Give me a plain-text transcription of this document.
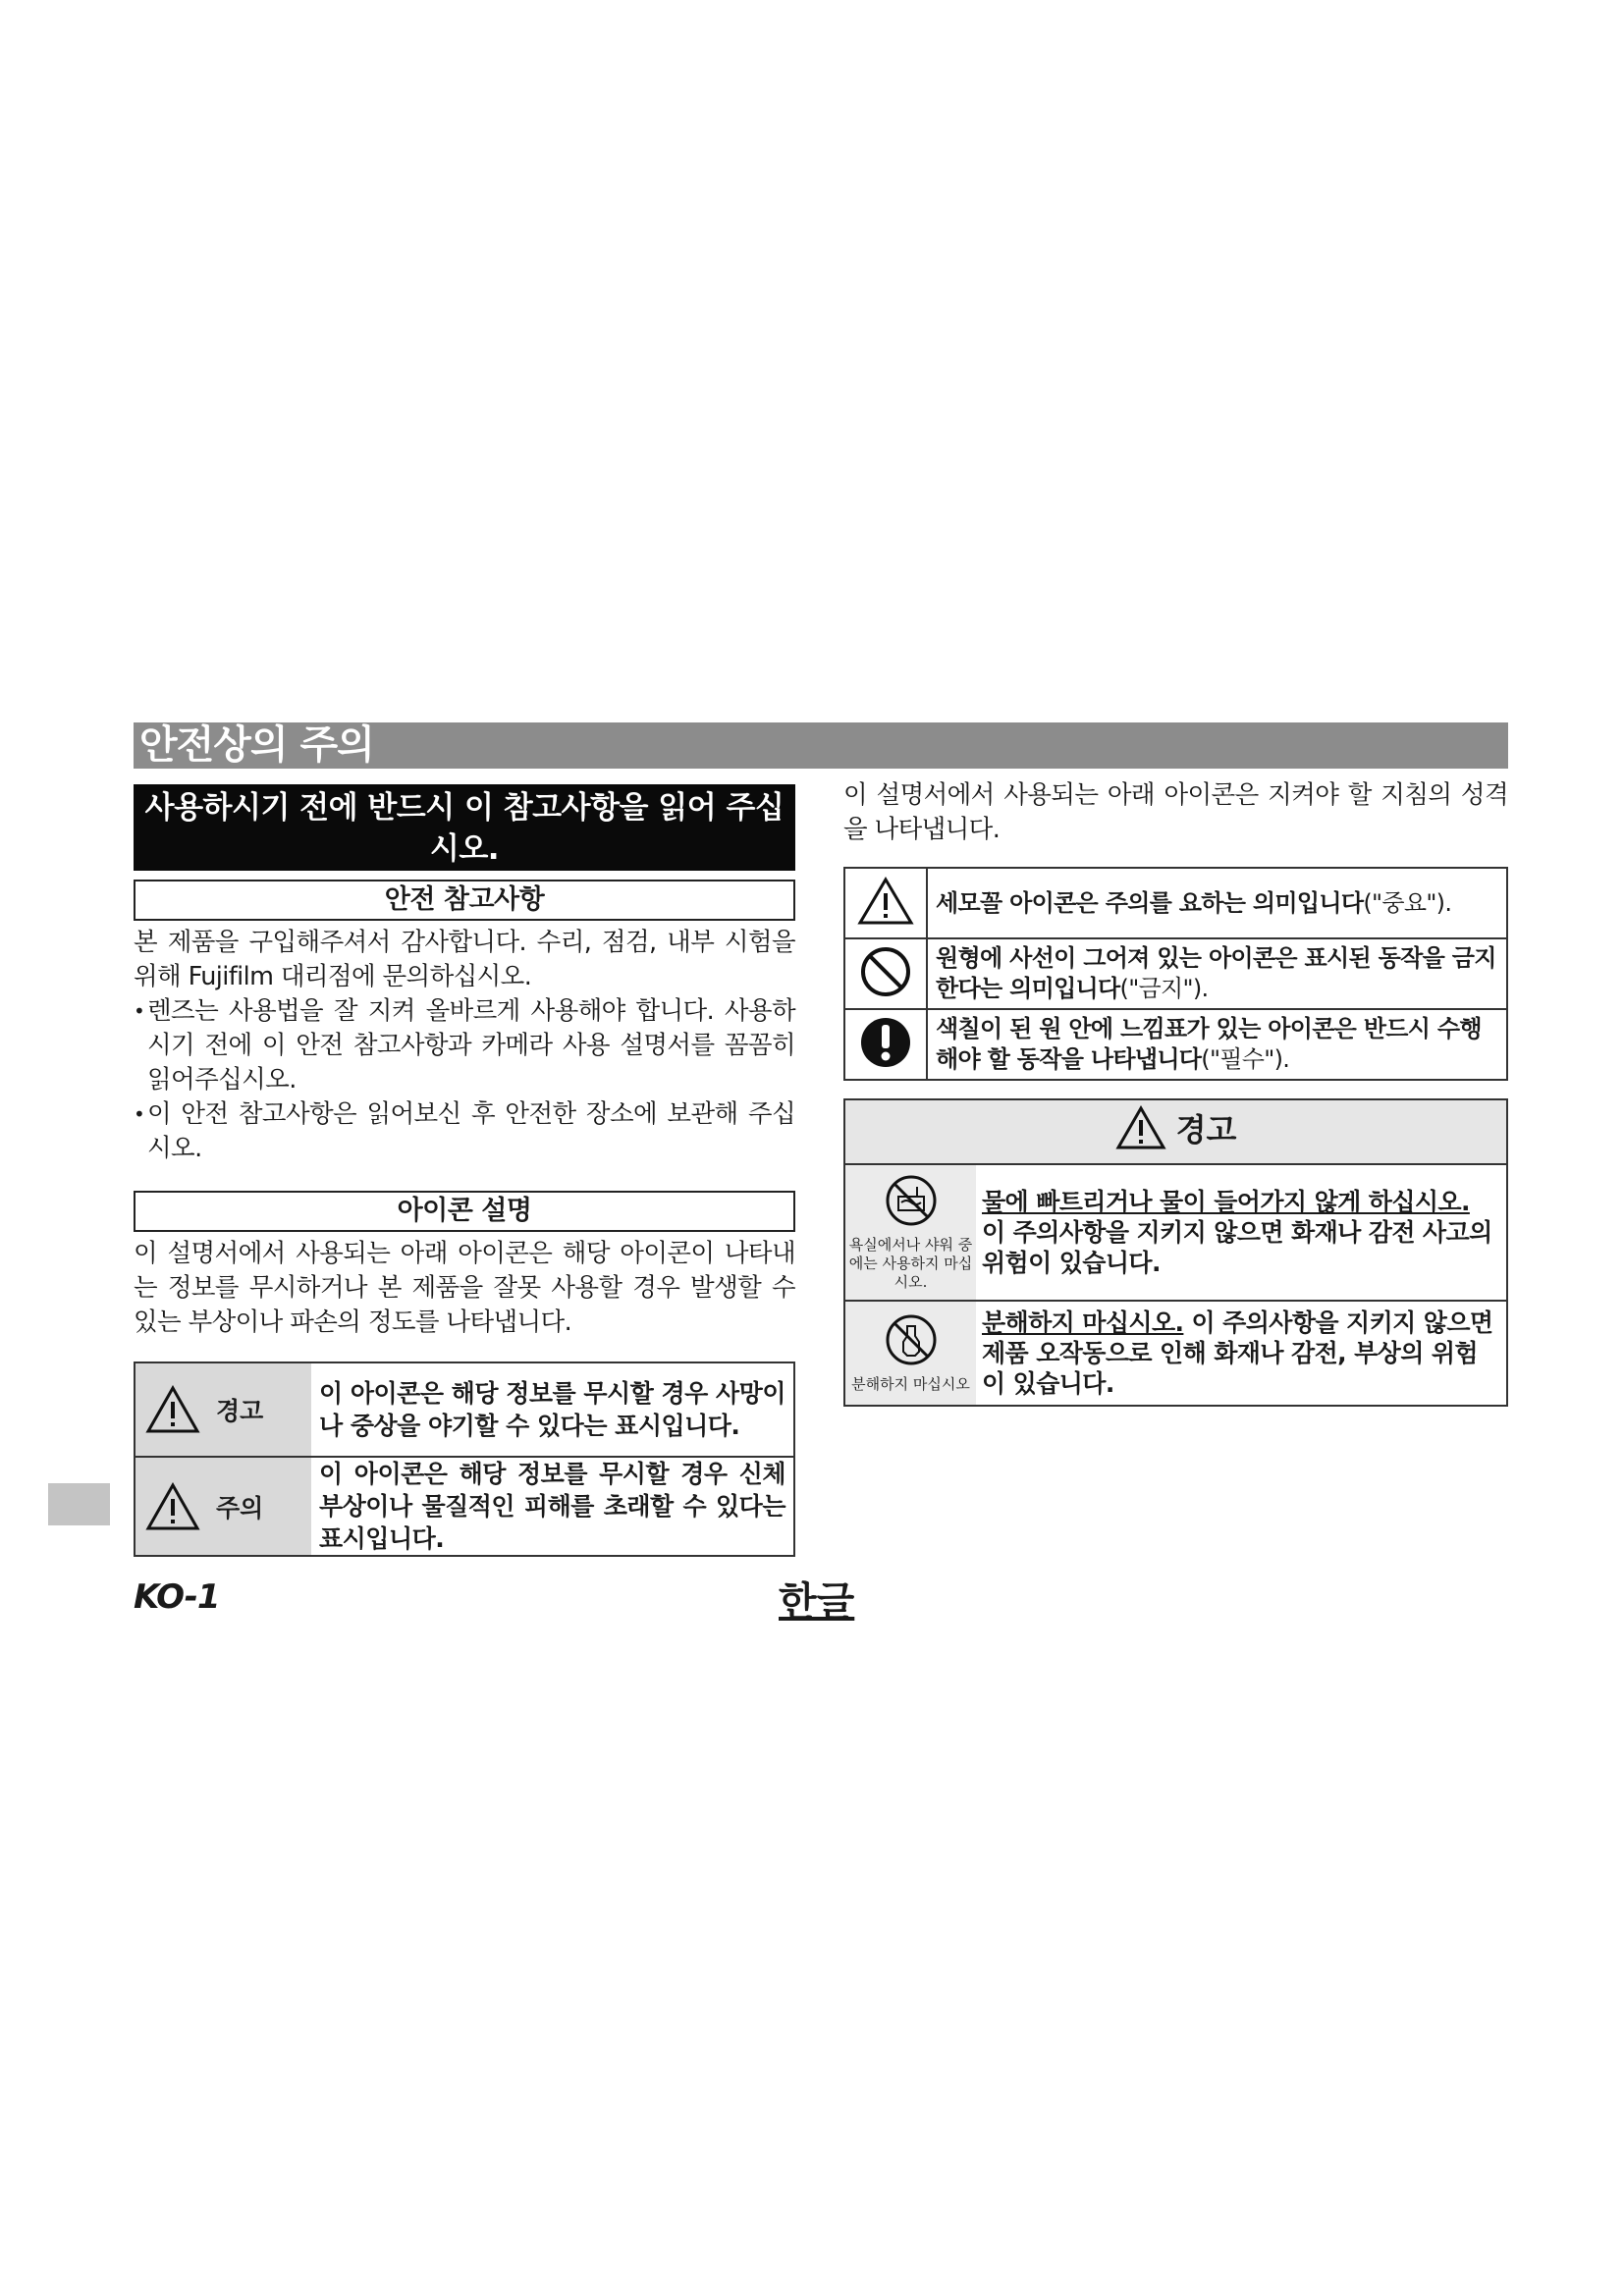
안전상의 주의
사용하시기 전에 반드시 이 참고사항을 읽어 주십시오.
안전 참고사항
본 제품을 구입해주셔서 감사합니다. 수리, 점검, 내부 시험을 위해 Fujifilm 대리점에 문의하십시오.
• 렌즈는 사용법을 잘 지켜 올바르게 사용해야 합니다. 사용하시기 전에 이 안전 참고사항과 카메라 사용 설명서를 꼼꼼히 읽어주십시오.
• 이 안전 참고사항은 읽어보신 후 안전한 장소에 보관해 주십시오.
아이콘 설명
이 설명서에서 사용되는 아래 아이콘은 해당 아이콘이 나타내는 정보를 무시하거나 본 제품을 잘못 사용할 경우 발생할 수 있는 부상이나 파손의 정도를 나타냅니다.
경고	이 아이콘은 해당 정보를 무시할 경우 사망이나 중상을 야기할 수 있다는 표시입니다.

주의	이 아이콘은 해당 정보를 무시할 경우 신체 부상이나 물질적인 피해를 초래할 수 있다는 표시입니다.
이 설명서에서 사용되는 아래 아이콘은 지켜야 할 지침의 성격을 나타냅니다.
	세모꼴 아이콘은 주의를 요하는 의미입니다("중요").
	원형에 사선이 그어져 있는 아이콘은 표시된 동작을 금지한다는 의미입니다("금지").
	색칠이 된 원 안에 느낌표가 있는 아이콘은 반드시 수행해야 할 동작을 나타냅니다("필수").
경고	

욕실에서나 샤워 중에는 사용하지 마십시오.	물에 빠트리거나 물이 들어가지 않게 하십시오. 이 주의사항을 지키지 않으면 화재나 감전 사고의 위험이 있습니다.

분해하지 마십시오	분해하지 마십시오. 이 주의사항을 지키지 않으면 제품 오작동으로 인해 화재나 감전, 부상의 위험이 있습니다.
KO-1	한글
